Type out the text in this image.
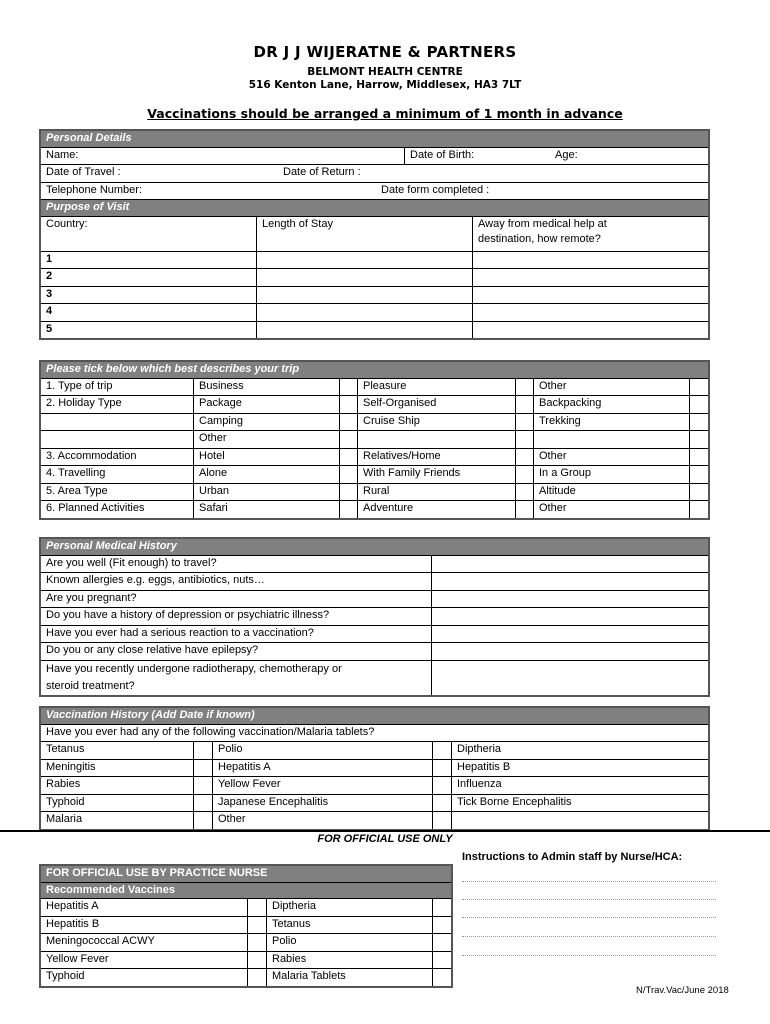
DR J J WIJERATNE & PARTNERS
BELMONT HEALTH CENTRE
516 Kenton Lane, Harrow, Middlesex, HA3 7LT
Vaccinations should be arranged a minimum of 1 month in advance
Personal Details			
Name:		Date of Birth: Age:	

Date of Travel : Date of Return :			

Telephone Number: Date form completed :			

Purpose of Visit			
Country:	Length of Stay		Away from medical help at
destination, how remote?
1			
2			
3			
4			
5			
Please tick below which best describes your trip						
1. Type of trip	Business		Pleasure		Other	
2. Holiday Type	Package		Self-Organised		Backpacking	
	Camping		Cruise Ship		Trekking	
	Other					
3. Accommodation	Hotel		Relatives/Home		Other	
4. Travelling	Alone		With Family Friends		In a Group	
5. Area Type	Urban		Rural		Altitude	
6. Planned Activities	Safari		Adventure		Other	
Personal Medical History	
Are you well (Fit enough) to travel?	
Known allergies e.g. eggs, antibiotics, nuts…	
Are you pregnant?	
Do you have a history of depression or psychiatric illness?	
Have you ever had a serious reaction to a vaccination?	
Do you or any close relative have epilepsy?	
Have you recently undergone radiotherapy, chemotherapy or
steroid treatment?	
Vaccination History (Add Date if known)				
Have you ever had any of the following vaccination/Malaria tablets?				
Tetanus		Polio		Diptheria
Meningitis		Hepatitis A		Hepatitis B
Rabies		Yellow Fever		Influenza
Typhoid		Japanese Encephalitis		Tick Borne Encephalitis
Malaria		Other		
FOR OFFICIAL USE ONLY
Instructions to Admin staff by Nurse/HCA:
FOR OFFICIAL USE BY PRACTICE NURSE			
Recommended Vaccines			
Hepatitis A		Diptheria	
Hepatitis B		Tetanus	
Meningococcal ACWY		Polio	
Yellow Fever		Rabies	
Typhoid		Malaria Tablets	
N/Trav.Vac/June 2018
